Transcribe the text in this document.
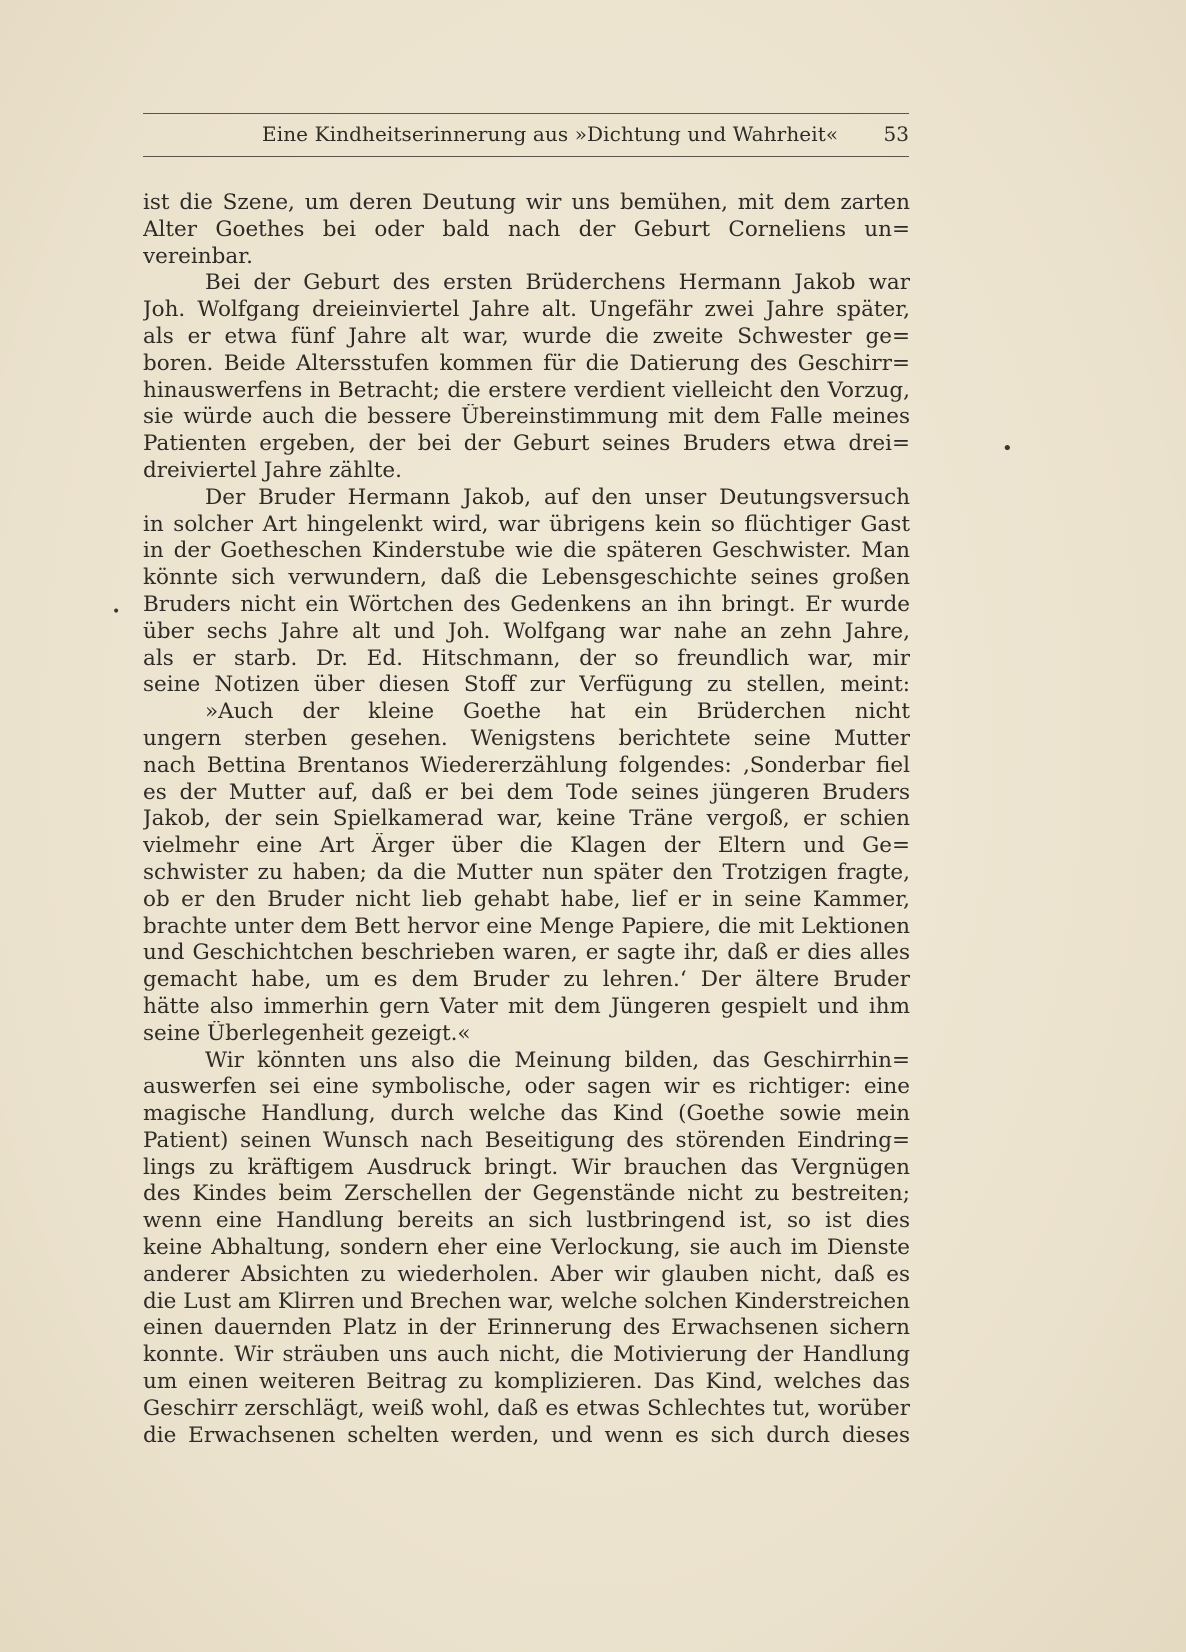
Eine Kindheitserinnerung aus »Dichtung und Wahrheit« 53
ist die Szene, um deren Deutung wir uns bemühen, mit dem zarten
Alter Goethes bei oder bald nach der Geburt Corneliens un=
vereinbar.
Bei der Geburt des ersten Brüderchens Hermann Jakob war
Joh. Wolfgang dreieinviertel Jahre alt. Ungefähr zwei Jahre später,
als er etwa fünf Jahre alt war, wurde die zweite Schwester ge=
boren. Beide Altersstufen kommen für die Datierung des Geschirr=
hinauswerfens in Betracht; die erstere verdient vielleicht den Vorzug,
sie würde auch die bessere Übereinstimmung mit dem Falle meines
Patienten ergeben, der bei der Geburt seines Bruders etwa drei=
dreiviertel Jahre zählte.
Der Bruder Hermann Jakob, auf den unser Deutungsversuch
in solcher Art hingelenkt wird, war übrigens kein so flüchtiger Gast
in der Goetheschen Kinderstube wie die späteren Geschwister. Man
könnte sich verwundern, daß die Lebensgeschichte seines großen
Bruders nicht ein Wörtchen des Gedenkens an ihn bringt. Er wurde
über sechs Jahre alt und Joh. Wolfgang war nahe an zehn Jahre,
als er starb. Dr. Ed. Hitschmann, der so freundlich war, mir
seine Notizen über diesen Stoff zur Verfügung zu stellen, meint:
»Auch der kleine Goethe hat ein Brüderchen nicht
ungern sterben gesehen. Wenigstens berichtete seine Mutter
nach Bettina Brentanos Wiedererzählung folgendes: ‚Sonderbar fiel
es der Mutter auf, daß er bei dem Tode seines jüngeren Bruders
Jakob, der sein Spielkamerad war, keine Träne vergoß, er schien
vielmehr eine Art Ärger über die Klagen der Eltern und Ge=
schwister zu haben; da die Mutter nun später den Trotzigen fragte,
ob er den Bruder nicht lieb gehabt habe, lief er in seine Kammer,
brachte unter dem Bett hervor eine Menge Papiere, die mit Lektionen
und Geschichtchen beschrieben waren, er sagte ihr, daß er dies alles
gemacht habe, um es dem Bruder zu lehren.‘ Der ältere Bruder
hätte also immerhin gern Vater mit dem Jüngeren gespielt und ihm
seine Überlegenheit gezeigt.«
Wir könnten uns also die Meinung bilden, das Geschirrhin=
auswerfen sei eine symbolische, oder sagen wir es richtiger: eine
magische Handlung, durch welche das Kind (Goethe sowie mein
Patient) seinen Wunsch nach Beseitigung des störenden Eindring=
lings zu kräftigem Ausdruck bringt. Wir brauchen das Vergnügen
des Kindes beim Zerschellen der Gegenstände nicht zu bestreiten;
wenn eine Handlung bereits an sich lustbringend ist, so ist dies
keine Abhaltung, sondern eher eine Verlockung, sie auch im Dienste
anderer Absichten zu wiederholen. Aber wir glauben nicht, daß es
die Lust am Klirren und Brechen war, welche solchen Kinderstreichen
einen dauernden Platz in der Erinnerung des Erwachsenen sichern
konnte. Wir sträuben uns auch nicht, die Motivierung der Handlung
um einen weiteren Beitrag zu komplizieren. Das Kind, welches das
Geschirr zerschlägt, weiß wohl, daß es etwas Schlechtes tut, worüber
die Erwachsenen schelten werden, und wenn es sich durch dieses
•
•
